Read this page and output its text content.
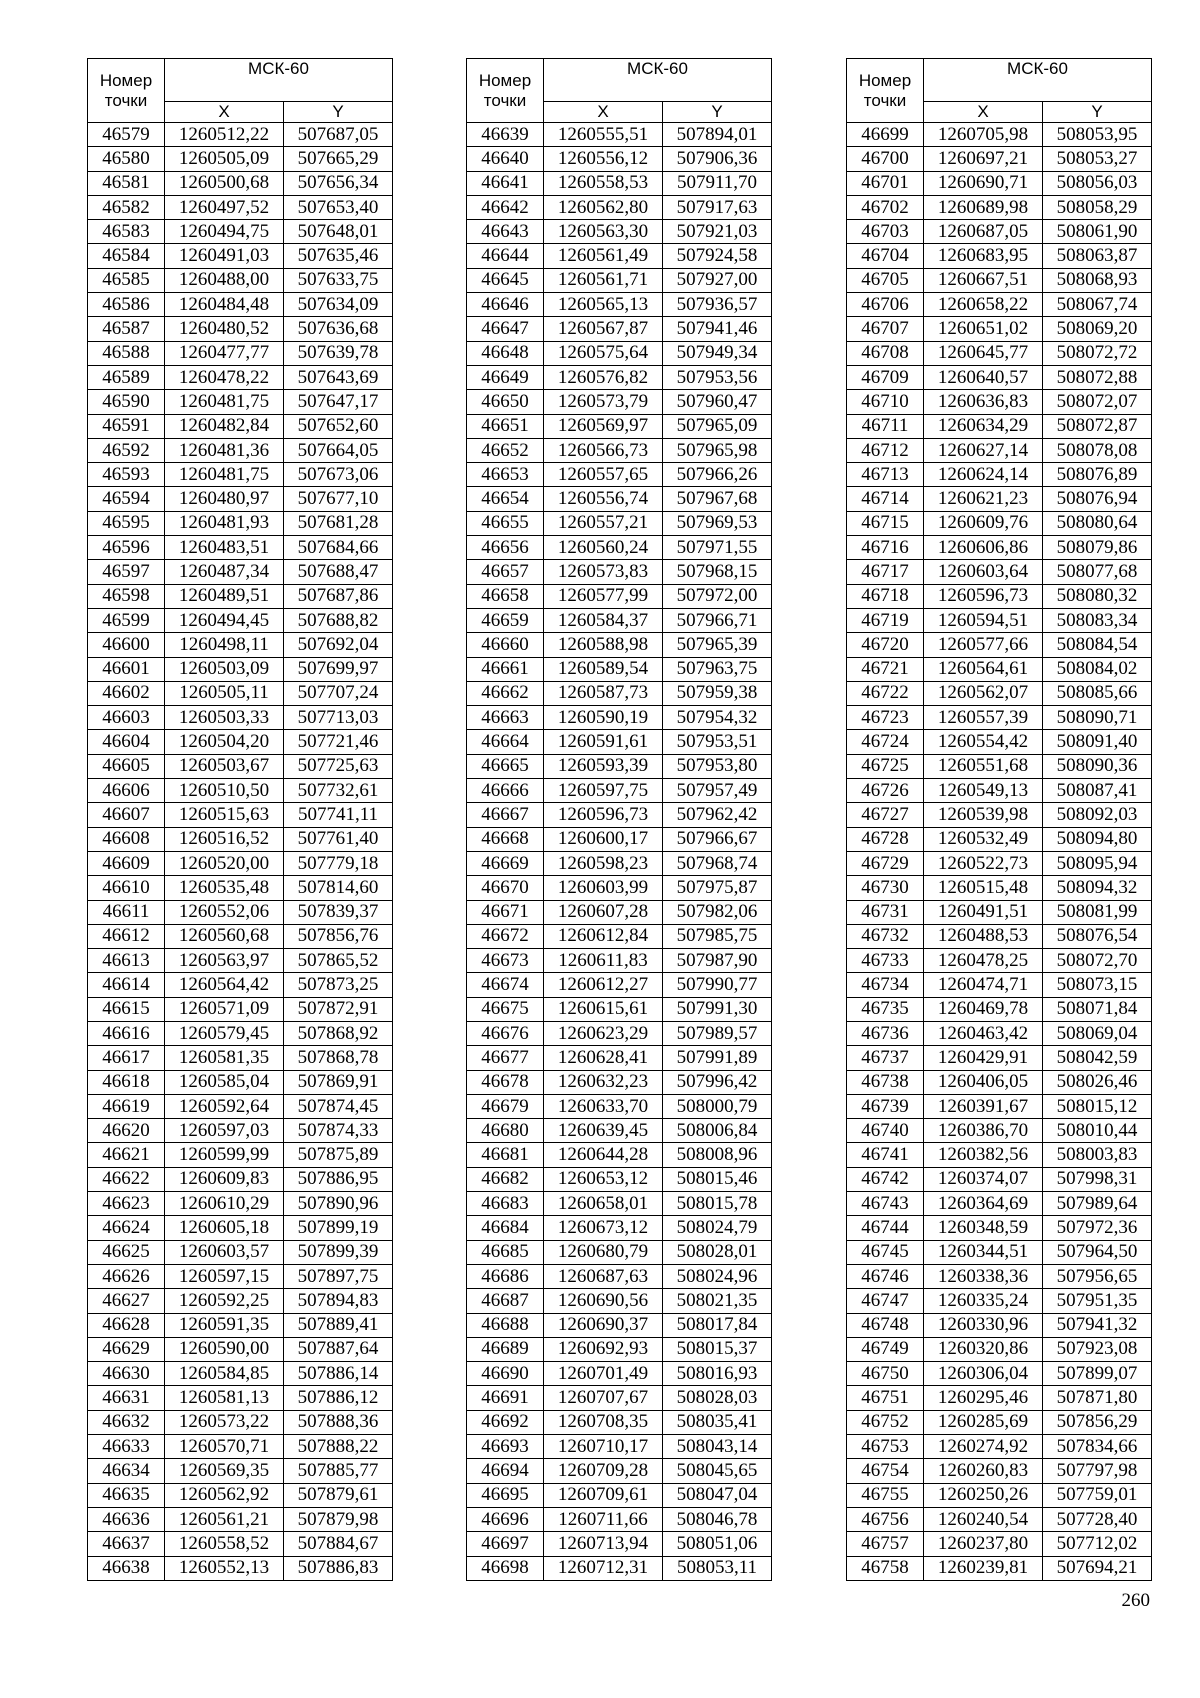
Номер точки	МСК-60	
	X	Y
46579	1260512,22	507687,05
46580	1260505,09	507665,29
46581	1260500,68	507656,34
46582	1260497,52	507653,40
46583	1260494,75	507648,01
46584	1260491,03	507635,46
46585	1260488,00	507633,75
46586	1260484,48	507634,09
46587	1260480,52	507636,68
46588	1260477,77	507639,78
46589	1260478,22	507643,69
46590	1260481,75	507647,17
46591	1260482,84	507652,60
46592	1260481,36	507664,05
46593	1260481,75	507673,06
46594	1260480,97	507677,10
46595	1260481,93	507681,28
46596	1260483,51	507684,66
46597	1260487,34	507688,47
46598	1260489,51	507687,86
46599	1260494,45	507688,82
46600	1260498,11	507692,04
46601	1260503,09	507699,97
46602	1260505,11	507707,24
46603	1260503,33	507713,03
46604	1260504,20	507721,46
46605	1260503,67	507725,63
46606	1260510,50	507732,61
46607	1260515,63	507741,11
46608	1260516,52	507761,40
46609	1260520,00	507779,18
46610	1260535,48	507814,60
46611	1260552,06	507839,37
46612	1260560,68	507856,76
46613	1260563,97	507865,52
46614	1260564,42	507873,25
46615	1260571,09	507872,91
46616	1260579,45	507868,92
46617	1260581,35	507868,78
46618	1260585,04	507869,91
46619	1260592,64	507874,45
46620	1260597,03	507874,33
46621	1260599,99	507875,89
46622	1260609,83	507886,95
46623	1260610,29	507890,96
46624	1260605,18	507899,19
46625	1260603,57	507899,39
46626	1260597,15	507897,75
46627	1260592,25	507894,83
46628	1260591,35	507889,41
46629	1260590,00	507887,64
46630	1260584,85	507886,14
46631	1260581,13	507886,12
46632	1260573,22	507888,36
46633	1260570,71	507888,22
46634	1260569,35	507885,77
46635	1260562,92	507879,61
46636	1260561,21	507879,98
46637	1260558,52	507884,67
46638	1260552,13	507886,83
Номер точки	МСК-60	
	X	Y
46639	1260555,51	507894,01
46640	1260556,12	507906,36
46641	1260558,53	507911,70
46642	1260562,80	507917,63
46643	1260563,30	507921,03
46644	1260561,49	507924,58
46645	1260561,71	507927,00
46646	1260565,13	507936,57
46647	1260567,87	507941,46
46648	1260575,64	507949,34
46649	1260576,82	507953,56
46650	1260573,79	507960,47
46651	1260569,97	507965,09
46652	1260566,73	507965,98
46653	1260557,65	507966,26
46654	1260556,74	507967,68
46655	1260557,21	507969,53
46656	1260560,24	507971,55
46657	1260573,83	507968,15
46658	1260577,99	507972,00
46659	1260584,37	507966,71
46660	1260588,98	507965,39
46661	1260589,54	507963,75
46662	1260587,73	507959,38
46663	1260590,19	507954,32
46664	1260591,61	507953,51
46665	1260593,39	507953,80
46666	1260597,75	507957,49
46667	1260596,73	507962,42
46668	1260600,17	507966,67
46669	1260598,23	507968,74
46670	1260603,99	507975,87
46671	1260607,28	507982,06
46672	1260612,84	507985,75
46673	1260611,83	507987,90
46674	1260612,27	507990,77
46675	1260615,61	507991,30
46676	1260623,29	507989,57
46677	1260628,41	507991,89
46678	1260632,23	507996,42
46679	1260633,70	508000,79
46680	1260639,45	508006,84
46681	1260644,28	508008,96
46682	1260653,12	508015,46
46683	1260658,01	508015,78
46684	1260673,12	508024,79
46685	1260680,79	508028,01
46686	1260687,63	508024,96
46687	1260690,56	508021,35
46688	1260690,37	508017,84
46689	1260692,93	508015,37
46690	1260701,49	508016,93
46691	1260707,67	508028,03
46692	1260708,35	508035,41
46693	1260710,17	508043,14
46694	1260709,28	508045,65
46695	1260709,61	508047,04
46696	1260711,66	508046,78
46697	1260713,94	508051,06
46698	1260712,31	508053,11
Номер точки	МСК-60	
	X	Y
46699	1260705,98	508053,95
46700	1260697,21	508053,27
46701	1260690,71	508056,03
46702	1260689,98	508058,29
46703	1260687,05	508061,90
46704	1260683,95	508063,87
46705	1260667,51	508068,93
46706	1260658,22	508067,74
46707	1260651,02	508069,20
46708	1260645,77	508072,72
46709	1260640,57	508072,88
46710	1260636,83	508072,07
46711	1260634,29	508072,87
46712	1260627,14	508078,08
46713	1260624,14	508076,89
46714	1260621,23	508076,94
46715	1260609,76	508080,64
46716	1260606,86	508079,86
46717	1260603,64	508077,68
46718	1260596,73	508080,32
46719	1260594,51	508083,34
46720	1260577,66	508084,54
46721	1260564,61	508084,02
46722	1260562,07	508085,66
46723	1260557,39	508090,71
46724	1260554,42	508091,40
46725	1260551,68	508090,36
46726	1260549,13	508087,41
46727	1260539,98	508092,03
46728	1260532,49	508094,80
46729	1260522,73	508095,94
46730	1260515,48	508094,32
46731	1260491,51	508081,99
46732	1260488,53	508076,54
46733	1260478,25	508072,70
46734	1260474,71	508073,15
46735	1260469,78	508071,84
46736	1260463,42	508069,04
46737	1260429,91	508042,59
46738	1260406,05	508026,46
46739	1260391,67	508015,12
46740	1260386,70	508010,44
46741	1260382,56	508003,83
46742	1260374,07	507998,31
46743	1260364,69	507989,64
46744	1260348,59	507972,36
46745	1260344,51	507964,50
46746	1260338,36	507956,65
46747	1260335,24	507951,35
46748	1260330,96	507941,32
46749	1260320,86	507923,08
46750	1260306,04	507899,07
46751	1260295,46	507871,80
46752	1260285,69	507856,29
46753	1260274,92	507834,66
46754	1260260,83	507797,98
46755	1260250,26	507759,01
46756	1260240,54	507728,40
46757	1260237,80	507712,02
46758	1260239,81	507694,21
260
